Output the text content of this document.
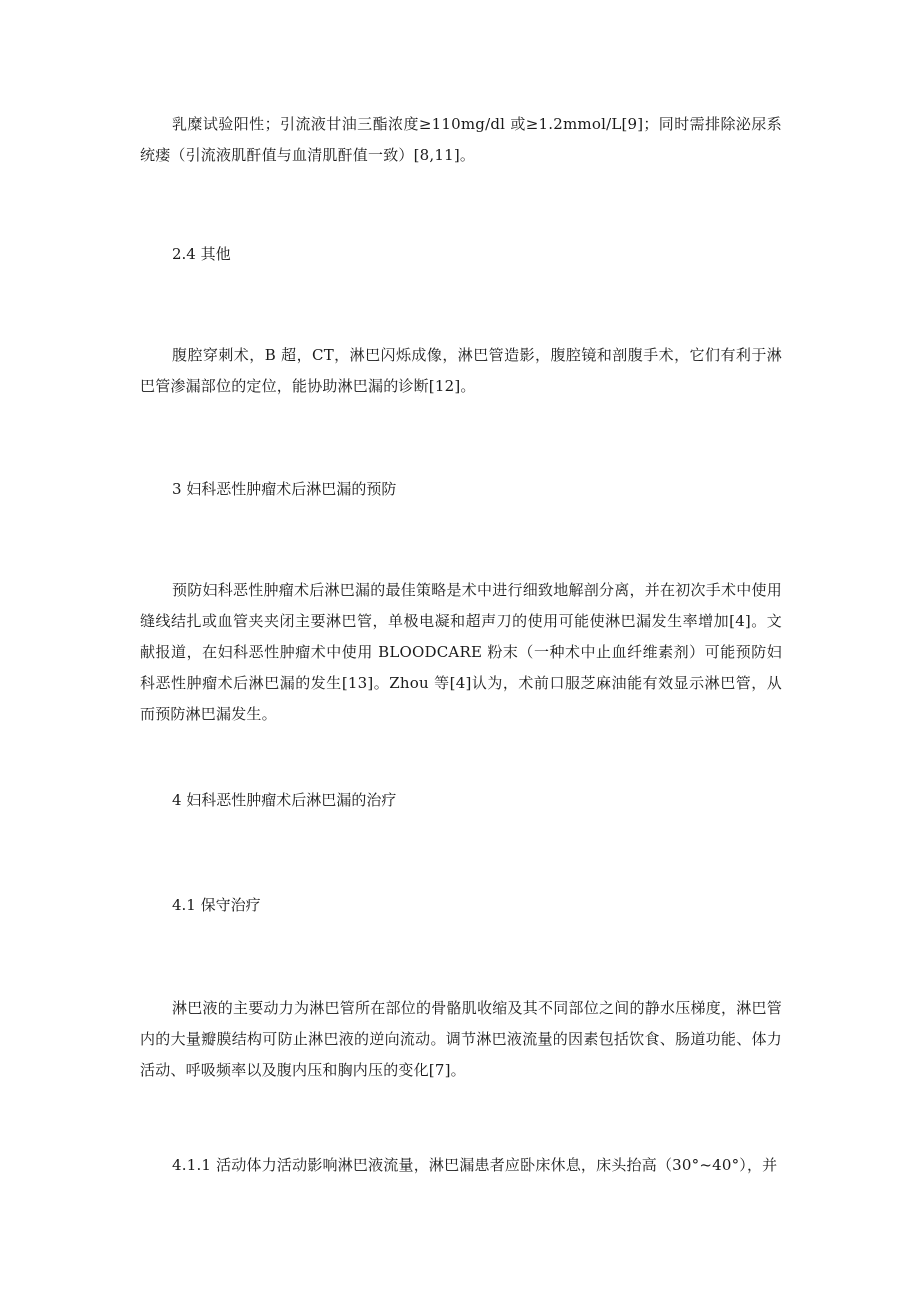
乳糜试验阳性；引流液甘油三酯浓度≥110mg/dl 或≥1.2mmol/L[9]；同时需排除泌尿系统瘘（引流液肌酐值与血清肌酐值一致）[8,11]。

2.4 其他

腹腔穿刺术，B 超，CT，淋巴闪烁成像，淋巴管造影，腹腔镜和剖腹手术，它们有利于淋巴管渗漏部位的定位，能协助淋巴漏的诊断[12]。

3 妇科恶性肿瘤术后淋巴漏的预防

预防妇科恶性肿瘤术后淋巴漏的最佳策略是术中进行细致地解剖分离，并在初次手术中使用缝线结扎或血管夹夹闭主要淋巴管，单极电凝和超声刀的使用可能使淋巴漏发生率增加[4]。文献报道，在妇科恶性肿瘤术中使用 BLOODCARE 粉末（一种术中止血纤维素剂）可能预防妇科恶性肿瘤术后淋巴漏的发生[13]。Zhou 等[4]认为，术前口服芝麻油能有效显示淋巴管，从而预防淋巴漏发生。

4 妇科恶性肿瘤术后淋巴漏的治疗
4.1 保守治疗

淋巴液的主要动力为淋巴管所在部位的骨骼肌收缩及其不同部位之间的静水压梯度，淋巴管内的大量瓣膜结构可防止淋巴液的逆向流动。调节淋巴液流量的因素包括饮食、肠道功能、体力活动、呼吸频率以及腹内压和胸内压的变化[7]。

4.1.1 活动体力活动影响淋巴液流量，淋巴漏患者应卧床休息，床头抬高（30°~40°），并
